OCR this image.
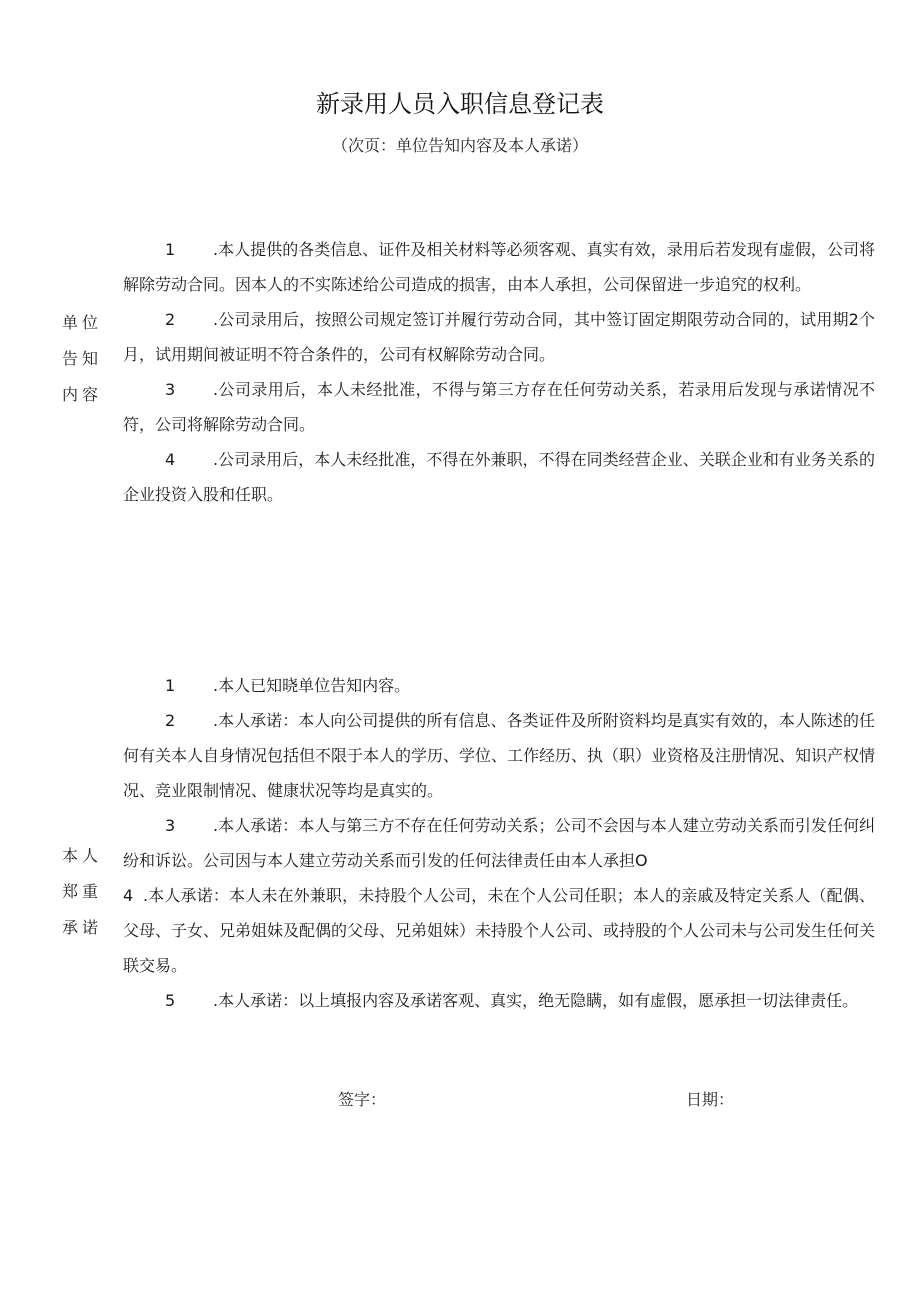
新录用人员入职信息登记表
（次页：单位告知内容及本人承诺）
单位
告知
内容

1 .本人提供的各类信息、证件及相关材料等必须客观、真实有效，录用后若发现有虚假，公司将解除劳动合同。因本人的不实陈述给公司造成的损害，由本人承担，公司保留进一步追究的权利。

2 .公司录用后，按照公司规定签订并履行劳动合同，其中签订固定期限劳动合同的，试用期2个月，试用期间被证明不符合条件的，公司有权解除劳动合同。

3 .公司录用后，本人未经批准，不得与第三方存在任何劳动关系，若录用后发现与承诺情况不符，公司将解除劳动合同。

4 .公司录用后，本人未经批准，不得在外兼职，不得在同类经营企业、关联企业和有业务关系的企业投资入股和任职。

本人
郑重
承诺

1 .本人已知晓单位告知内容。

2 .本人承诺：本人向公司提供的所有信息、各类证件及所附资料均是真实有效的，本人陈述的任何有关本人自身情况包括但不限于本人的学历、学位、工作经历、执（职）业资格及注册情况、知识产权情况、竞业限制情况、健康状况等均是真实的。

3 .本人承诺：本人与第三方不存在任何劳动关系；公司不会因与本人建立劳动关系而引发任何纠纷和诉讼。公司因与本人建立劳动关系而引发的任何法律责任由本人承担O

4 .本人承诺：本人未在外兼职，未持股个人公司，未在个人公司任职；本人的亲戚及特定关系人（配偶、父母、子女、兄弟姐妹及配偶的父母、兄弟姐妹）未持股个人公司、或持股的个人公司未与公司发生任何关联交易。

5 .本人承诺：以上填报内容及承诺客观、真实，绝无隐瞒，如有虚假，愿承担一切法律责任。

签字：	日期：
